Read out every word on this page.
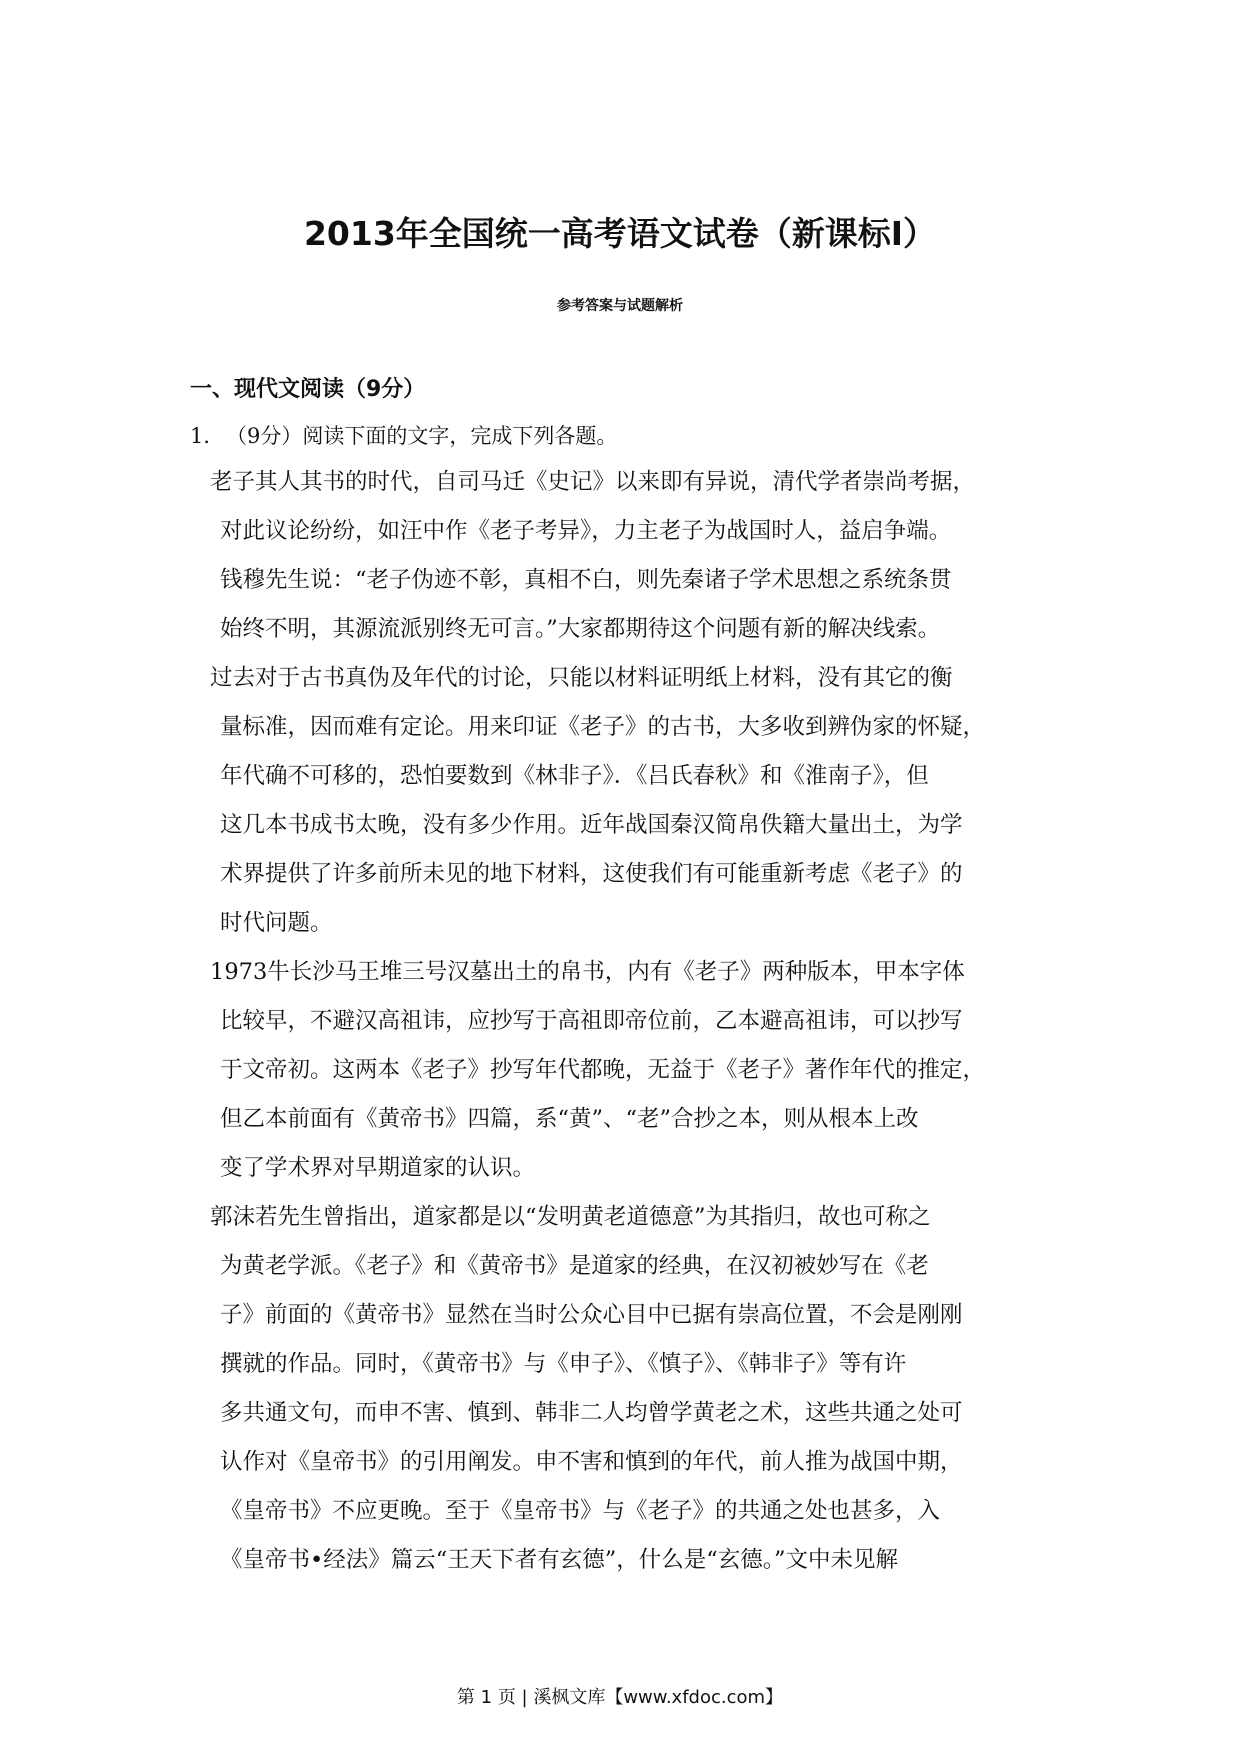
2013年全国统一高考语文试卷（新课标Ⅰ）
参考答案与试题解析
一、现代文阅读（9分）
1．（9分）阅读下面的文字，完成下列各题。
老子其人其书的时代，自司马迁《史记》以来即有异说，清代学者崇尚考据，
对此议论纷纷，如汪中作《老子考异》，力主老子为战国时人，益启争端。
钱穆先生说：“老子伪迹不彰，真相不白，则先秦诸子学术思想之系统条贯
始终不明，其源流派别终无可言。”大家都期待这个问题有新的解决线索。
过去对于古书真伪及年代的讨论，只能以材料证明纸上材料，没有其它的衡
量标准，因而难有定论。用来印证《老子》的古书，大多收到辨伪家的怀疑，
年代确不可移的，恐怕要数到《林非子》．《吕氏春秋》和《淮南子》，但
这几本书成书太晚，没有多少作用。近年战国秦汉简帛佚籍大量出土，为学
术界提供了许多前所未见的地下材料，这使我们有可能重新考虑《老子》的
时代问题。
1973牛长沙马王堆三号汉墓出土的帛书，内有《老子》两种版本，甲本字体
比较早，不避汉高祖讳，应抄写于高祖即帝位前，乙本避高祖讳，可以抄写
于文帝初。这两本《老子》抄写年代都晚，无益于《老子》著作年代的推定，
但乙本前面有《黄帝书》四篇，系“黄”、“老”合抄之本，则从根本上改
变了学术界对早期道家的认识。
郭沫若先生曾指出，道家都是以“发明黄老道德意”为其指归，故也可称之
为黄老学派。《老子》和《黄帝书》是道家的经典，在汉初被妙写在《老
子》前面的《黄帝书》显然在当时公众心目中已据有崇高位置，不会是刚刚
撰就的作品。同时，《黄帝书》与《申子》、《慎子》、《韩非子》等有许
多共通文句，而申不害、慎到、韩非二人均曾学黄老之术，这些共通之处可
认作对《皇帝书》的引用阐发。申不害和慎到的年代，前人推为战国中期，
《皇帝书》不应更晚。至于《皇帝书》与《老子》的共通之处也甚多，入
《皇帝书•经法》篇云“王天下者有玄德”，什么是“玄德。”文中未见解
第 1 页 | 溪枫文库【www.xfdoc.com】
